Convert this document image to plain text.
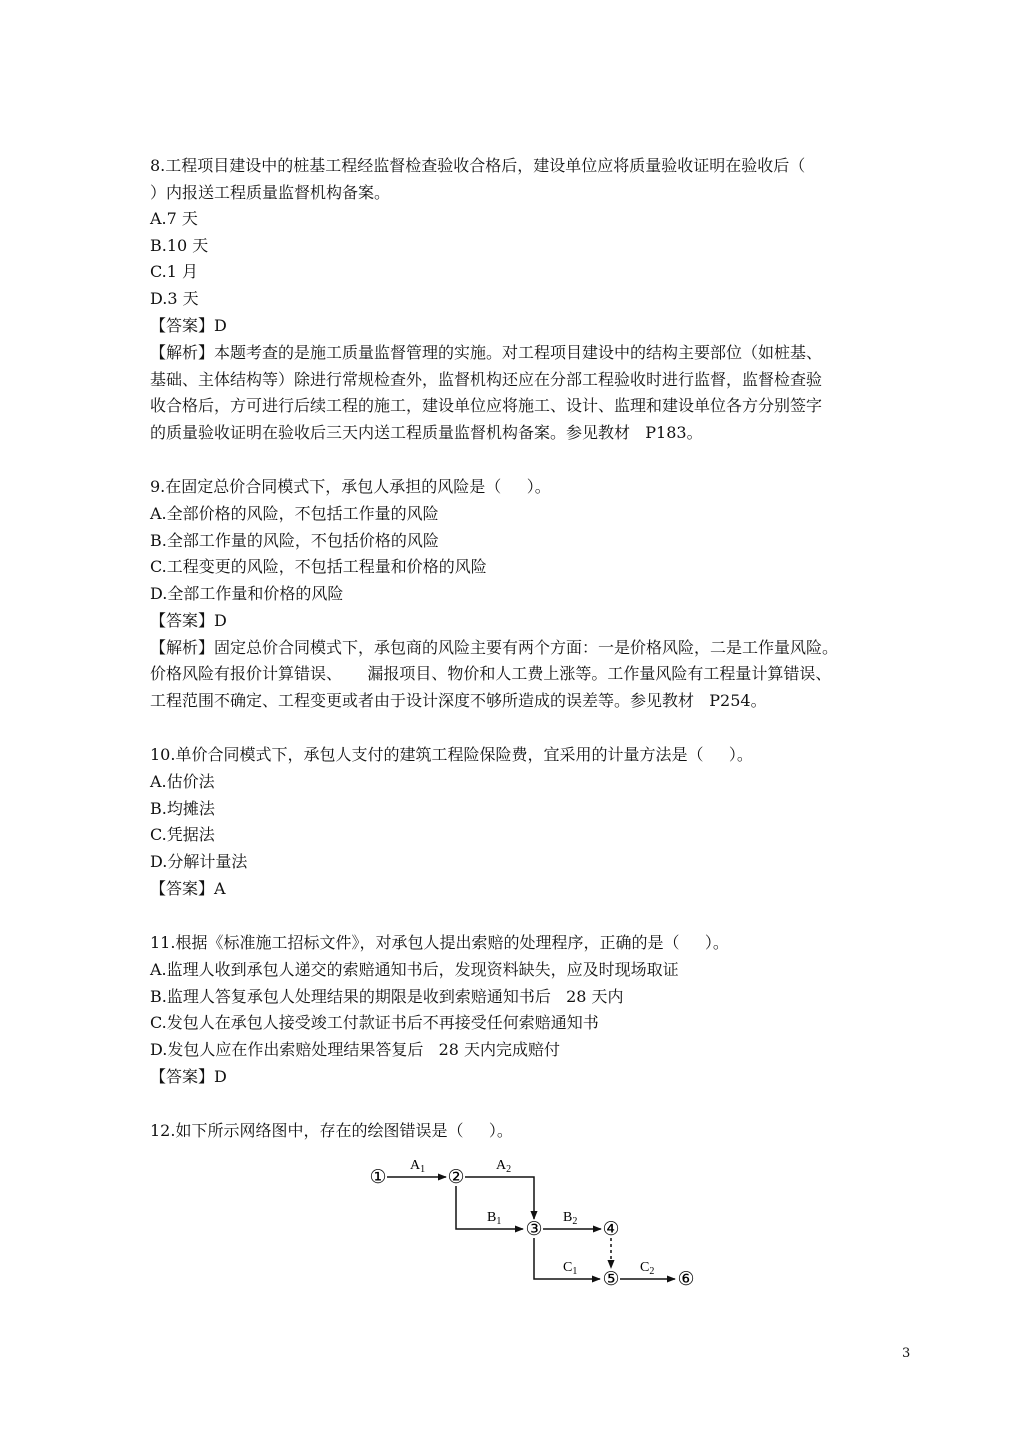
8.工程项目建设中的桩基工程经监督检查验收合格后，建设单位应将质量验收证明在验收后（
）内报送工程质量监督机构备案。
A.7 天
B.10 天
C.1 月
D.3 天
【答案】D
【解析】本题考查的是施工质量监督管理的实施。对工程项目建设中的结构主要部位（如桩基、
基础、主体结构等）除进行常规检查外，监督机构还应在分部工程验收时进行监督，监督检查验
收合格后，方可进行后续工程的施工，建设单位应将施工、设计、监理和建设单位各方分别签字
的质量验收证明在验收后三天内送工程质量监督机构备案。参见教材   P183。
9.在固定总价合同模式下，承包人承担的风险是（     ）。
A.全部价格的风险，不包括工作量的风险
B.全部工作量的风险，不包括价格的风险
C.工程变更的风险，不包括工程量和价格的风险
D.全部工作量和价格的风险
【答案】D
【解析】固定总价合同模式下，承包商的风险主要有两个方面：一是价格风险，二是工作量风险。
价格风险有报价计算错误、     漏报项目、物价和人工费上涨等。工作量风险有工程量计算错误、
工程范围不确定、工程变更或者由于设计深度不够所造成的误差等。参见教材   P254。
10.单价合同模式下，承包人支付的建筑工程险保险费，宜采用的计量方法是（     ）。
A.估价法
B.均摊法
C.凭据法
D.分解计量法
【答案】A
11.根据《标准施工招标文件》，对承包人提出索赔的处理程序，正确的是（     ）。
A.监理人收到承包人递交的索赔通知书后，发现资料缺失，应及时现场取证
B.监理人答复承包人处理结果的期限是收到索赔通知书后   28 天内
C.发包人在承包人接受竣工付款证书后不再接受任何索赔通知书
D.发包人应在作出索赔处理结果答复后   28 天内完成赔付
【答案】D
12.如下所示网络图中，存在的绘图错误是（     ）。
①	②
③	④
⑤	⑥
$A_1$	$A_2$
$B_1$	$B_2$
$C_1$	$C_2$
3
